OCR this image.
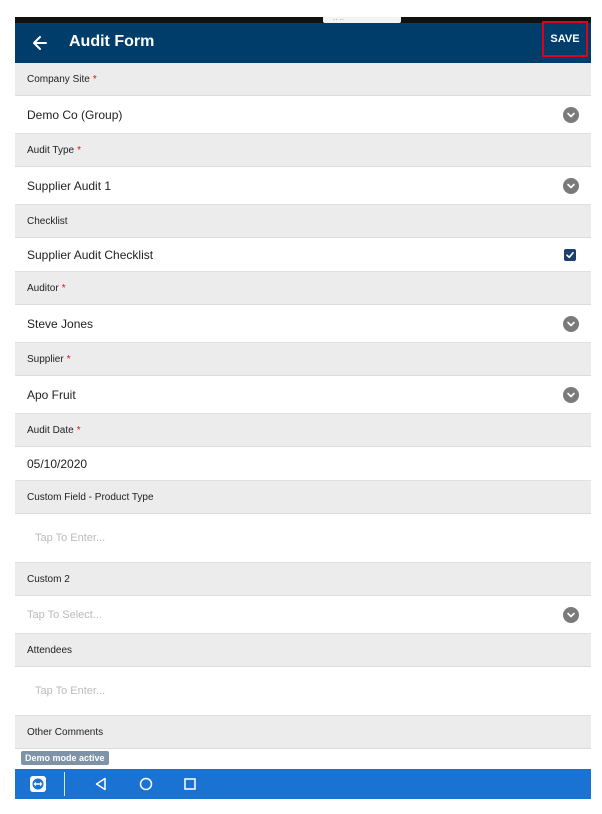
.. ..
Audit Form	SAVE
Company Site *
Demo Co (Group)
Audit Type *
Supplier Audit 1
Checklist
Supplier Audit Checklist
Auditor *
Steve Jones
Supplier *
Apo Fruit
Audit Date *
05/10/2020
Custom Field - Product Type
Tap To Enter...
Custom 2
Tap To Select...
Attendees
Tap To Enter...
Other Comments
Demo mode active
